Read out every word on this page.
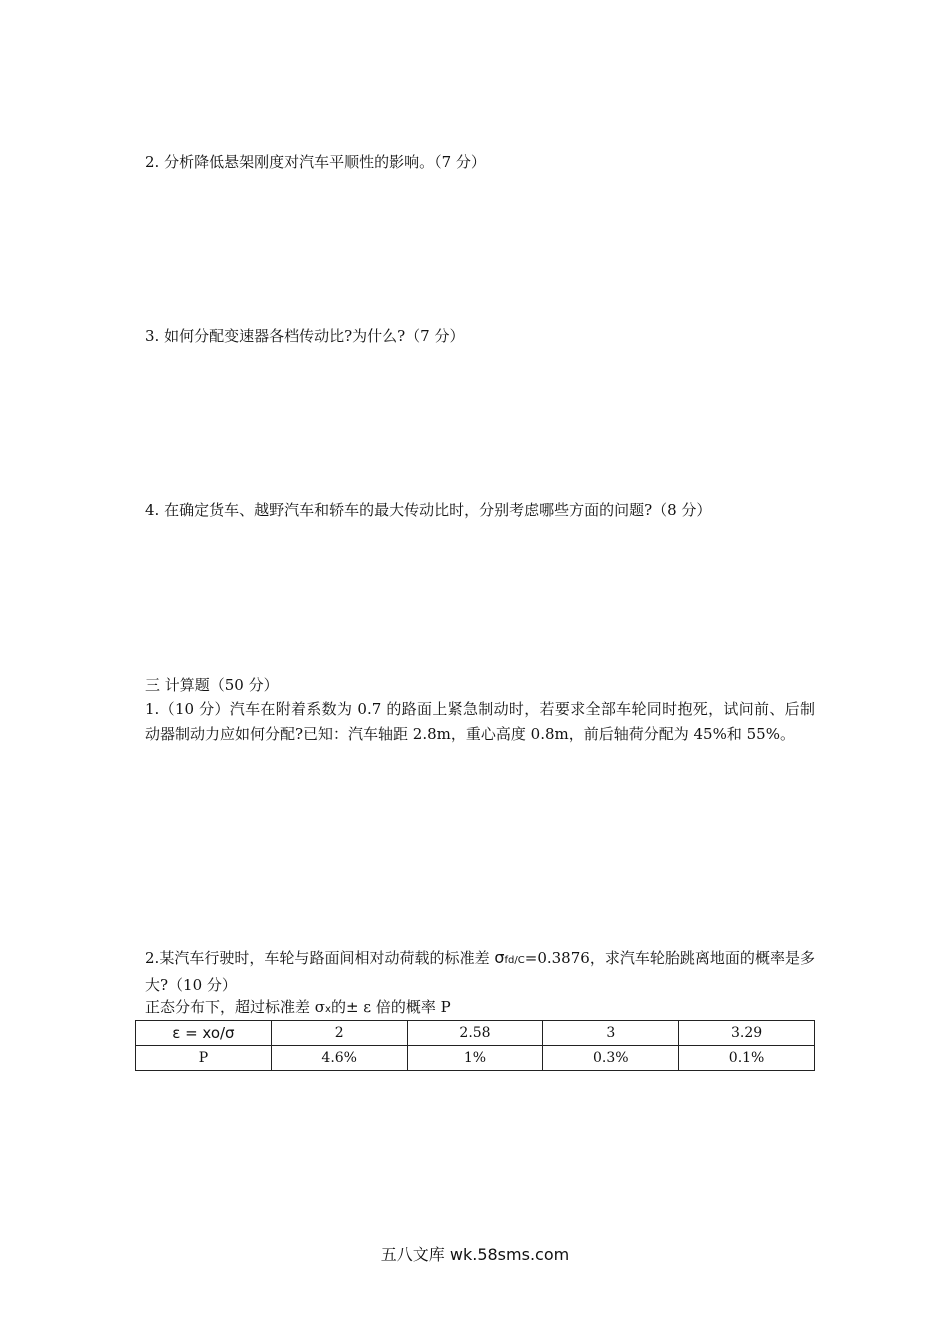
2. 分析降低悬架刚度对汽车平顺性的影响。（7 分）
3. 如何分配变速器各档传动比?为什么?（7 分）
4. 在确定货车、越野汽车和轿车的最大传动比时，分别考虑哪些方面的问题?（8 分）
三 计算题（50 分）
1.（10 分）汽车在附着系数为 0.7 的路面上紧急制动时，若要求全部车轮同时抱死，试问前、后制动器制动力应如何分配?已知：汽车轴距 2.8m，重心高度 0.8m，前后轴荷分配为 45%和 55%。
2.某汽车行驶时，车轮与路面间相对动荷载的标准差 σfd/C=0.3876，求汽车轮胎跳离地面的概率是多大?（10 分）
正态分布下，超过标准差 σx的± ε 倍的概率 P
ε = xo/σ	2	2.58	3	3.29
P	4.6%	1%	0.3%	0.1%
五八文库 wk.58sms.com
